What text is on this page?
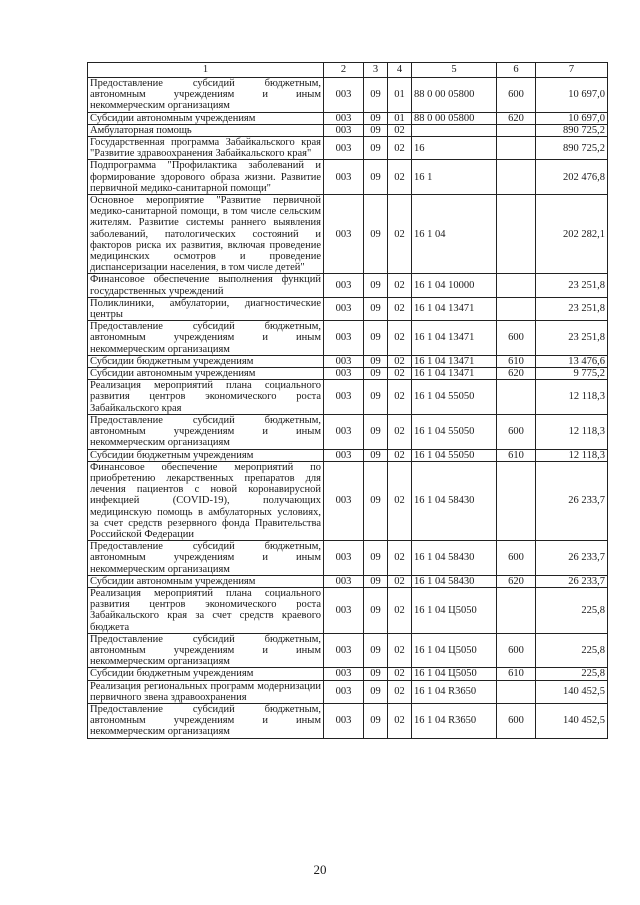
1	2	3	4	5	6	7
Предоставление субсидий бюджетным, автономным учреждениям и иным некоммерческим организациям	003	09	01	88 0 00 05800	600	10 697,0
Субсидии автономным учреждениям	003	09	01	88 0 00 05800	620	10 697,0
Амбулаторная помощь	003	09	02			890 725,2
Государственная программа Забайкальского края "Развитие здравоохранения Забайкальского края"	003	09	02	16		890 725,2
Подпрограмма "Профилактика заболеваний и формирование здорового образа жизни. Развитие первичной медико-санитарной помощи"	003	09	02	16 1		202 476,8
Основное мероприятие "Развитие первичной медико-санитарной помощи, в том числе сельским жителям. Развитие системы раннего выявления заболеваний, патологических состояний и факторов риска их развития, включая проведение медицинских осмотров и проведение диспансеризации населения, в том числе детей"	003	09	02	16 1 04		202 282,1
Финансовое обеспечение выполнения функций государственных учреждений	003	09	02	16 1 04 10000		23 251,8
Поликлиники, амбулатории, диагностические центры	003	09	02	16 1 04 13471		23 251,8
Предоставление субсидий бюджетным, автономным учреждениям и иным некоммерческим организациям	003	09	02	16 1 04 13471	600	23 251,8
Субсидии бюджетным учреждениям	003	09	02	16 1 04 13471	610	13 476,6
Субсидии автономным учреждениям	003	09	02	16 1 04 13471	620	9 775,2
Реализация мероприятий плана социального развития центров экономического роста Забайкальского края	003	09	02	16 1 04 55050		12 118,3
Предоставление субсидий бюджетным, автономным учреждениям и иным некоммерческим организациям	003	09	02	16 1 04 55050	600	12 118,3
Субсидии бюджетным учреждениям	003	09	02	16 1 04 55050	610	12 118,3
Финансовое обеспечение мероприятий по приобретению лекарственных препаратов для лечения пациентов с новой коронавирусной инфекцией (COVID-19), получающих медицинскую помощь в амбулаторных условиях, за счет средств резервного фонда Правительства Российской Федерации	003	09	02	16 1 04 58430		26 233,7
Предоставление субсидий бюджетным, автономным учреждениям и иным некоммерческим организациям	003	09	02	16 1 04 58430	600	26 233,7
Субсидии автономным учреждениям	003	09	02	16 1 04 58430	620	26 233,7
Реализация мероприятий плана социального развития центров экономического роста Забайкальского края за счет средств краевого бюджета	003	09	02	16 1 04 Ц5050		225,8
Предоставление субсидий бюджетным, автономным учреждениям и иным некоммерческим организациям	003	09	02	16 1 04 Ц5050	600	225,8
Субсидии бюджетным учреждениям	003	09	02	16 1 04 Ц5050	610	225,8
Реализация региональных программ модернизации первичного звена здравоохранения	003	09	02	16 1 04 R3650		140 452,5
Предоставление субсидий бюджетным, автономным учреждениям и иным некоммерческим организациям	003	09	02	16 1 04 R3650	600	140 452,5
20
